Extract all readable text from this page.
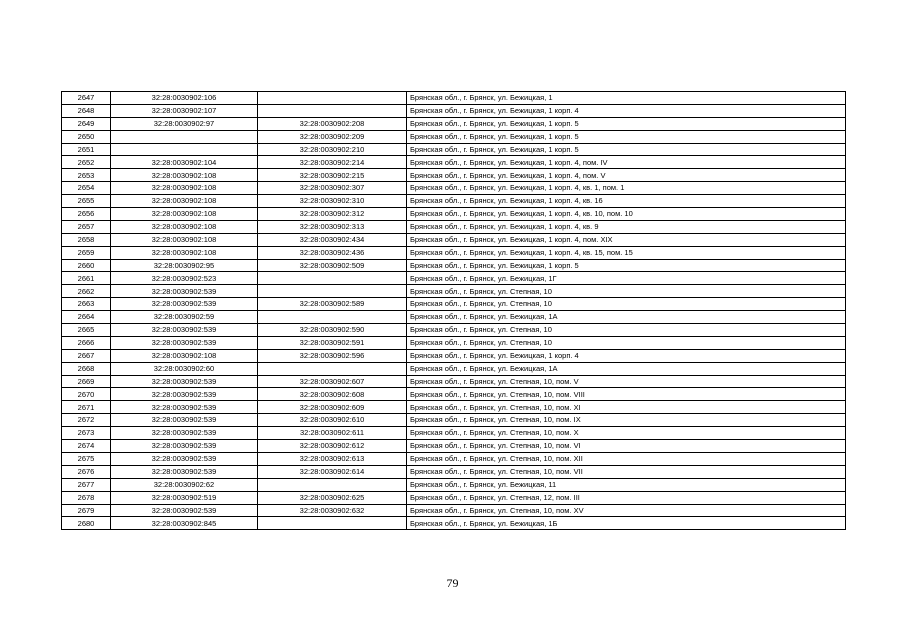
2647	32:28:0030902:106		Брянская обл., г. Брянск, ул. Бежицкая, 1
2648	32:28:0030902:107		Брянская обл., г. Брянск, ул. Бежицкая, 1 корп. 4
2649	32:28:0030902:97	32:28:0030902:208	Брянская обл., г. Брянск, ул. Бежицкая, 1 корп. 5
2650		32:28:0030902:209	Брянская обл., г. Брянск, ул. Бежицкая, 1 корп. 5
2651		32:28:0030902:210	Брянская обл., г. Брянск, ул. Бежицкая, 1 корп. 5
2652	32:28:0030902:104	32:28:0030902:214	Брянская обл., г. Брянск, ул. Бежицкая, 1 корп. 4, пом. IV
2653	32:28:0030902:108	32:28:0030902:215	Брянская обл., г. Брянск, ул. Бежицкая, 1 корп. 4, пом. V
2654	32:28:0030902:108	32:28:0030902:307	Брянская обл., г. Брянск, ул. Бежицкая, 1 корп. 4, кв. 1, пом. 1
2655	32:28:0030902:108	32:28:0030902:310	Брянская обл., г. Брянск, ул. Бежицкая, 1 корп. 4, кв. 16
2656	32:28:0030902:108	32:28:0030902:312	Брянская обл., г. Брянск, ул. Бежицкая, 1 корп. 4, кв. 10, пом. 10
2657	32:28:0030902:108	32:28:0030902:313	Брянская обл., г. Брянск, ул. Бежицкая, 1 корп. 4, кв. 9
2658	32:28:0030902:108	32:28:0030902:434	Брянская обл., г. Брянск, ул. Бежицкая, 1 корп. 4, пом. XIX
2659	32:28:0030902:108	32:28:0030902:436	Брянская обл., г. Брянск, ул. Бежицкая, 1 корп. 4, кв. 15, пом. 15
2660	32:28:0030902:95	32:28:0030902:509	Брянская обл., г. Брянск, ул. Бежицкая, 1 корп. 5
2661	32:28:0030902:523		Брянская обл., г. Брянск, ул. Бежицкая, 1Г
2662	32:28:0030902:539		Брянская обл., г. Брянск, ул. Степная, 10
2663	32:28:0030902:539	32:28:0030902:589	Брянская обл., г. Брянск, ул. Степная, 10
2664	32:28:0030902:59		Брянская обл., г. Брянск, ул. Бежицкая, 1А
2665	32:28:0030902:539	32:28:0030902:590	Брянская обл., г. Брянск, ул. Степная, 10
2666	32:28:0030902:539	32:28:0030902:591	Брянская обл., г. Брянск, ул. Степная, 10
2667	32:28:0030902:108	32:28:0030902:596	Брянская обл., г. Брянск, ул. Бежицкая, 1 корп. 4
2668	32:28:0030902:60		Брянская обл., г. Брянск, ул. Бежицкая, 1А
2669	32:28:0030902:539	32:28:0030902:607	Брянская обл., г. Брянск, ул. Степная, 10, пом. V
2670	32:28:0030902:539	32:28:0030902:608	Брянская обл., г. Брянск, ул. Степная, 10, пом. VIII
2671	32:28:0030902:539	32:28:0030902:609	Брянская обл., г. Брянск, ул. Степная, 10, пом. XI
2672	32:28:0030902:539	32:28:0030902:610	Брянская обл., г. Брянск, ул. Степная, 10, пом. IX
2673	32:28:0030902:539	32:28:0030902:611	Брянская обл., г. Брянск, ул. Степная, 10, пом. X
2674	32:28:0030902:539	32:28:0030902:612	Брянская обл., г. Брянск, ул. Степная, 10, пом. VI
2675	32:28:0030902:539	32:28:0030902:613	Брянская обл., г. Брянск, ул. Степная, 10, пом. XII
2676	32:28:0030902:539	32:28:0030902:614	Брянская обл., г. Брянск, ул. Степная, 10, пом. VII
2677	32:28:0030902:62		Брянская обл., г. Брянск, ул. Бежицкая, 11
2678	32:28:0030902:519	32:28:0030902:625	Брянская обл., г. Брянск, ул. Степная, 12, пом. III
2679	32:28:0030902:539	32:28:0030902:632	Брянская обл., г. Брянск, ул. Степная, 10, пом. XV
2680	32:28:0030902:845		Брянская обл., г. Брянск, ул. Бежицкая, 1Б
79
